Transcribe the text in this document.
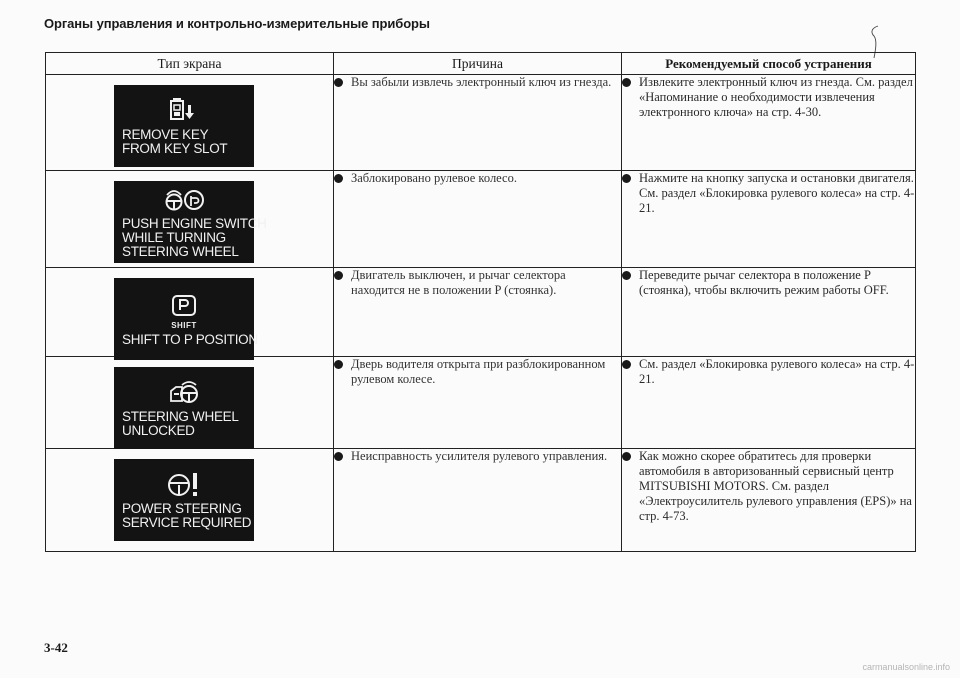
Органы управления и контрольно-измерительные приборы
Тип экрана	Причина	Рекомендуемый способ устранения

REMOVE KEY
FROM KEY SLOT	Вы забыли извлечь электронный ключ из гнезда.	Извлеките электронный ключ из гнезда. См. раздел «Напоминание о необходимости извлечения электронного ключа» на стр. 4-30.

PUSH ENGINE SWITCH
WHILE TURNING
STEERING WHEEL	Заблокировано рулевое колесо.	Нажмите на кнопку запуска и остановки двигателя. См. раздел «Блокировка рулевого колеса» на стр. 4-21.

SHIFT
SHIFT TO P POSITION	Двигатель выключен, и рычаг селектора находится не в положении P (стоянка).	Переведите рычаг селектора в положение P (стоянка), чтобы включить режим работы OFF.

STEERING WHEEL
UNLOCKED	Дверь водителя открыта при разблокированном рулевом колесе.	См. раздел «Блокировка рулевого колеса» на стр. 4-21.

POWER STEERING
SERVICE REQUIRED	Неисправность усилителя рулевого управления.	Как можно скорее обратитесь для проверки автомобиля в авторизованный сервисный центр MITSUBISHI MOTORS. См. раздел «Электроусилитель рулевого управления (EPS)» на стр. 4-73.
3-42
carmanualsonline.info
